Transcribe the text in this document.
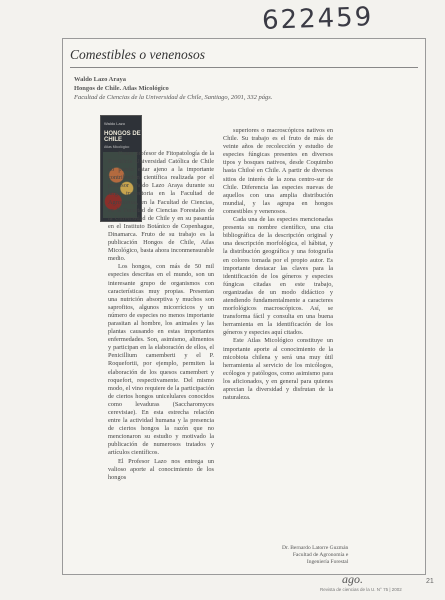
622459
Comestibles o venenosos
Waldo Lazo Araya
Hongos de Chile. Atlas Micológico
Facultad de Ciencias de la Universidad de Chile, Santiago, 2001, 332 págs.
Waldo Lazo
HONGOS DE CHILE
Atlas Micológico

Como profesor de Fitopatología de la Pontificia Universidad Católica de Chile no puedo estar ajeno a la importante contribución científica realizada por el profesor Waldo Lazo Araya durante su larga trayectoria en la Facultad de Agronomía, en la Facultad de Ciencias, en la Facultad de Ciencias Forestales de la Universidad de Chile y en su pasantía en el Instituto Botánico de Copenhague, Dinamarca. Fruto de su trabajo es la publicación Hongos de Chile, Atlas Micológico, basta ahora inconmensurable medio.

Los hongos, con más de 50 mil especies descritas en el mundo, son un interesante grupo de organismos con características muy propias. Presentan una nutrición absorptiva y muchos son saprofitos, algunos micorrícicos y un número de especies no menos importante parasitan al hombre, los animales y las plantas causando en estas importantes enfermedades. Son, asimismo, alimentos y participan en la elaboración de ellos, el Penicillium camemberti y el P. Roquefortii, por ejemplo, permiten la elaboración de los quesos camembert y roquefort, respectivamente. Del mismo modo, el vino requiere de la participación de ciertos hongos unicelulares conocidos como levaduras (Saccharomyces cerevisiae). En esta estrecha relación entre la actividad humana y la presencia de ciertos hongos la razón que no mencionaron su estudio y motivado la publicación de numerosos tratados y artículos científicos.

El Profesor Lazo nos entrega un valioso aporte al conocimiento de los hongos

superiores o macroscópicos nativos en Chile. Su trabajo es el fruto de más de veinte años de recolección y estudio de especies fúngicas presentes en diversos tipos y bosques nativos, desde Coquimbo hasta Chiloé en Chile. A partir de diversos sitios de interés de la zona centro-sur de Chile. Diferencia las especies nuevas de aquellos con una amplia distribución mundial, y las agrupa en hongos comestibles y venenosos.

Cada una de las especies mencionadas presenta su nombre científico, una cita bibliográfica de la descripción original y una descripción morfológica, el hábitat, y la distribución geográfica y una fotografía en colores tomada por el propio autor. Es importante destacar las claves para la identificación de los géneros y especies fúngicas citadas en este trabajo, organizadas de un modo didáctico y atendiendo fundamentalmente a caracteres morfológicos macroscópicos. Así, se transforma fácil y consulta en una buena herramienta en la identificación de los géneros y especies aquí citados.

Este Atlas Micológico constituye un importante aporte al conocimiento de la micobiota chilena y será una muy útil herramienta al servicio de los micólogos, ecólogos y patólogos, como asimismo para los aficionados, y en general para quienes aprecian la diversidad y disfrutan de la naturaleza.

Dr. Bernardo Latorre Guzmán
Facultad de Agronomía e
Ingeniería Forestal
ago.
Revista de ciencias de la U. N° 75 | 2002
21
